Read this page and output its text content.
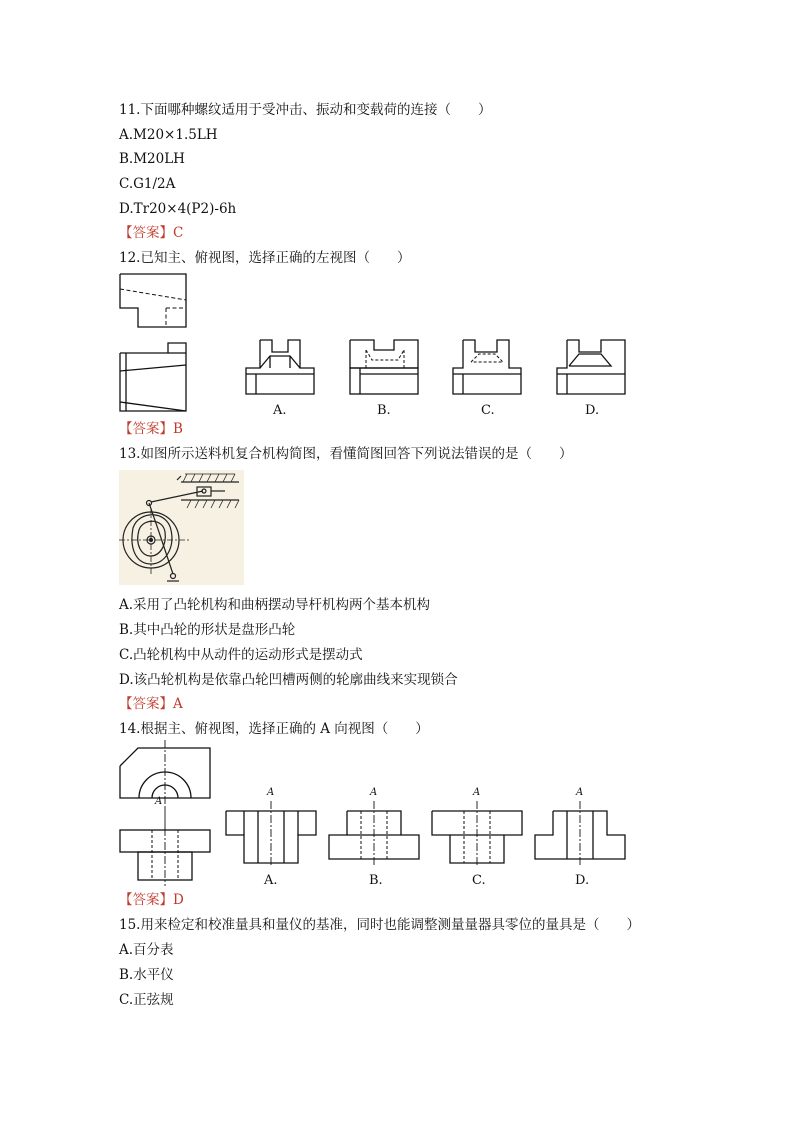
11.下面哪种螺纹适用于受冲击、振动和变载荷的连接（　　）
A.M20×1.5LH
B.M20LH
C.G1/2A
D.Tr20×4(P2)-6h
【答案】C
12.已知主、俯视图，选择正确的左视图（　　）
A.	B.	C.	D.
【答案】B
13.如图所示送料机复合机构简图，看懂简图回答下列说法错误的是（　　）
A.采用了凸轮机构和曲柄摆动导杆机构两个基本机构
B.其中凸轮的形状是盘形凸轮
C.凸轮机构中从动件的运动形式是摆动式
D.该凸轮机构是依靠凸轮凹槽两侧的轮廓曲线来实现锁合
【答案】A
14.根据主、俯视图，选择正确的 A 向视图（　　）
A
A
A.
A
B.
A
C.
A
D.
【答案】D
15.用来检定和校准量具和量仪的基准，同时也能调整测量量器具零位的量具是（　　）
A.百分表
B.水平仪
C.正弦规
